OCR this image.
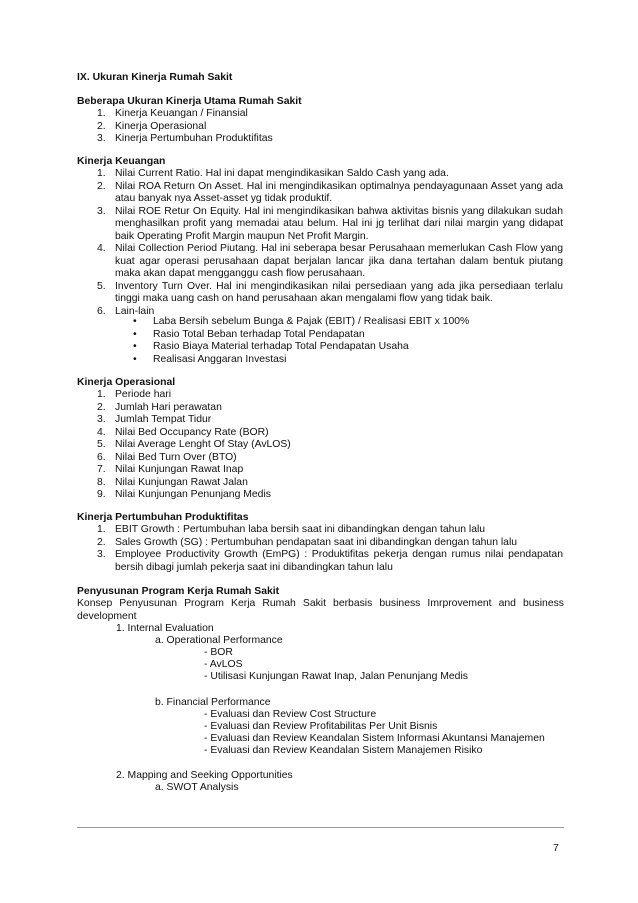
IX. Ukuran Kinerja Rumah Sakit
Beberapa Ukuran Kinerja Utama Rumah Sakit
1. Kinerja Keuangan / Finansial
2. Kinerja Operasional
3. Kinerja Pertumbuhan Produktifitas
Kinerja Keuangan
1. Nilai Current Ratio. Hal ini dapat mengindikasikan Saldo Cash yang ada.
2. Nilai ROA Return On Asset. Hal ini mengindikasikan optimalnya pendayagunaan Asset yang ada atau banyak nya Asset-asset yg tidak produktif.
3. Nilai ROE Retur On Equity. Hal ini mengindikasikan bahwa aktivitas bisnis yang dilakukan sudah menghasilkan profit yang memadai atau belum. Hal ini jg terlihat dari nilai margin yang didapat baik Operating Profit Margin maupun Net Profit Margin.
4. Nilai Collection Period Piutang. Hal ini seberapa besar Perusahaan memerlukan Cash Flow yang kuat agar operasi perusahaan dapat berjalan lancar jika dana tertahan dalam bentuk piutang maka akan dapat mengganggu cash flow perusahaan.
5. Inventory Turn Over. Hal ini mengindikasikan nilai persediaan yang ada jika persediaan terlalu tinggi maka uang cash on hand perusahaan akan mengalami flow yang tidak baik.
6. Lain-lain
• Laba Bersih sebelum Bunga & Pajak (EBIT) / Realisasi EBIT x 100%
• Rasio Total Beban terhadap Total Pendapatan
• Rasio Biaya Material terhadap Total Pendapatan Usaha
• Realisasi Anggaran Investasi
Kinerja Operasional
1. Periode hari
2. Jumlah Hari perawatan
3. Jumlah Tempat Tidur
4. Nilai Bed Occupancy Rate (BOR)
5. Nilai Average Lenght Of Stay (AvLOS)
6. Nilai Bed Turn Over (BTO)
7. Nilai Kunjungan Rawat Inap
8. Nilai Kunjungan Rawat Jalan
9. Nilai Kunjungan Penunjang Medis
Kinerja Pertumbuhan Produktifitas
1. EBIT Growth : Pertumbuhan laba bersih saat ini dibandingkan dengan tahun lalu
2. Sales Growth (SG) : Pertumbuhan pendapatan saat ini dibandingkan dengan tahun lalu
3. Employee Productivity Growth (EmPG) : Produktifitas pekerja dengan rumus nilai pendapatan bersih dibagi jumlah pekerja saat ini dibandingkan tahun lalu
Penyusunan Program Kerja Rumah Sakit
Konsep Penyusunan Program Kerja Rumah Sakit berbasis business Imrprovement and business development
1. Internal Evaluation
a. Operational Performance
- BOR
- AvLOS
- Utilisasi Kunjungan Rawat Inap, Jalan Penunjang Medis
b. Financial Performance
- Evaluasi dan Review Cost Structure
- Evaluasi dan Review Profitabilitas Per Unit Bisnis
- Evaluasi dan Review Keandalan Sistem Informasi Akuntansi Manajemen
- Evaluasi dan Review Keandalan Sistem Manajemen Risiko
2. Mapping and Seeking Opportunities
a. SWOT Analysis
7
